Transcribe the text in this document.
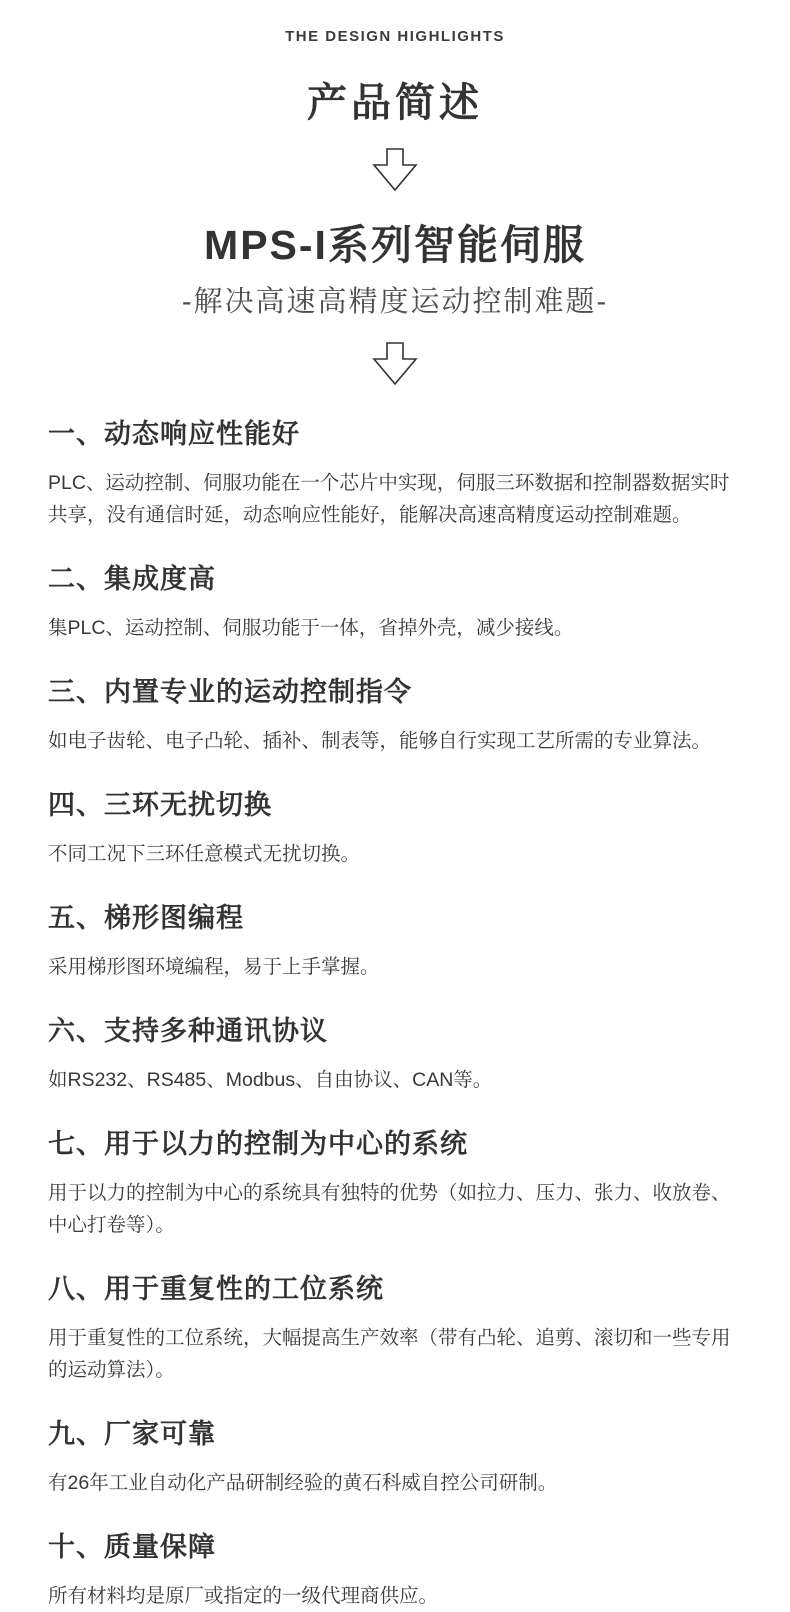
THE DESIGN HIGHLIGHTS
产品简述
MPS-I系列智能伺服
-解决高速高精度运动控制难题-
一、动态响应性能好

PLC、运动控制、伺服功能在一个芯片中实现，伺服三环数据和控制器数据实时共享，没有通信时延，动态响应性能好，能解决高速高精度运动控制难题。

二、集成度高

集PLC、运动控制、伺服功能于一体，省掉外壳，减少接线。

三、内置专业的运动控制指令

如电子齿轮、电子凸轮、插补、制表等，能够自行实现工艺所需的专业算法。

四、三环无扰切换

不同工况下三环任意模式无扰切换。

五、梯形图编程

采用梯形图环境编程，易于上手掌握。

六、支持多种通讯协议

如RS232、RS485、Modbus、自由协议、CAN等。

七、用于以力的控制为中心的系统

用于以力的控制为中心的系统具有独特的优势（如拉力、压力、张力、收放卷、中心打卷等）。

八、用于重复性的工位系统

用于重复性的工位系统，大幅提高生产效率（带有凸轮、追剪、滚切和一些专用的运动算法）。

九、厂家可靠

有26年工业自动化产品研制经验的黄石科威自控公司研制。

十、质量保障

所有材料均是原厂或指定的一级代理商供应。
